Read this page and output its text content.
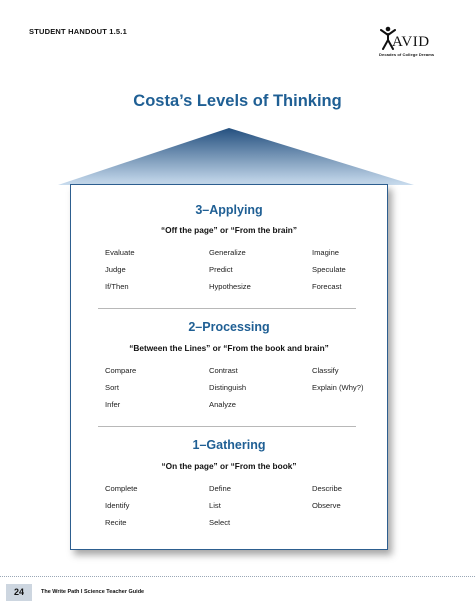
STUDENT HANDOUT 1.5.1
AVID
Decades of College Dreams
Costa’s Levels of Thinking
3–Applying
“Off the page” or “From the brain”
Evaluate	Generalize	Imagine
Judge	Predict	Speculate
If/Then	Hypothesize	Forecast
2–Processing
“Between the Lines” or “From the book and brain”
Compare	Contrast	Classify
Sort	Distinguish	Explain (Why?)
Infer	Analyze
1–Gathering
“On the page” or “From the book”
Complete	Define	Describe
Identify	List	Observe
Recite	Select
24	The Write Path I Science Teacher Guide
